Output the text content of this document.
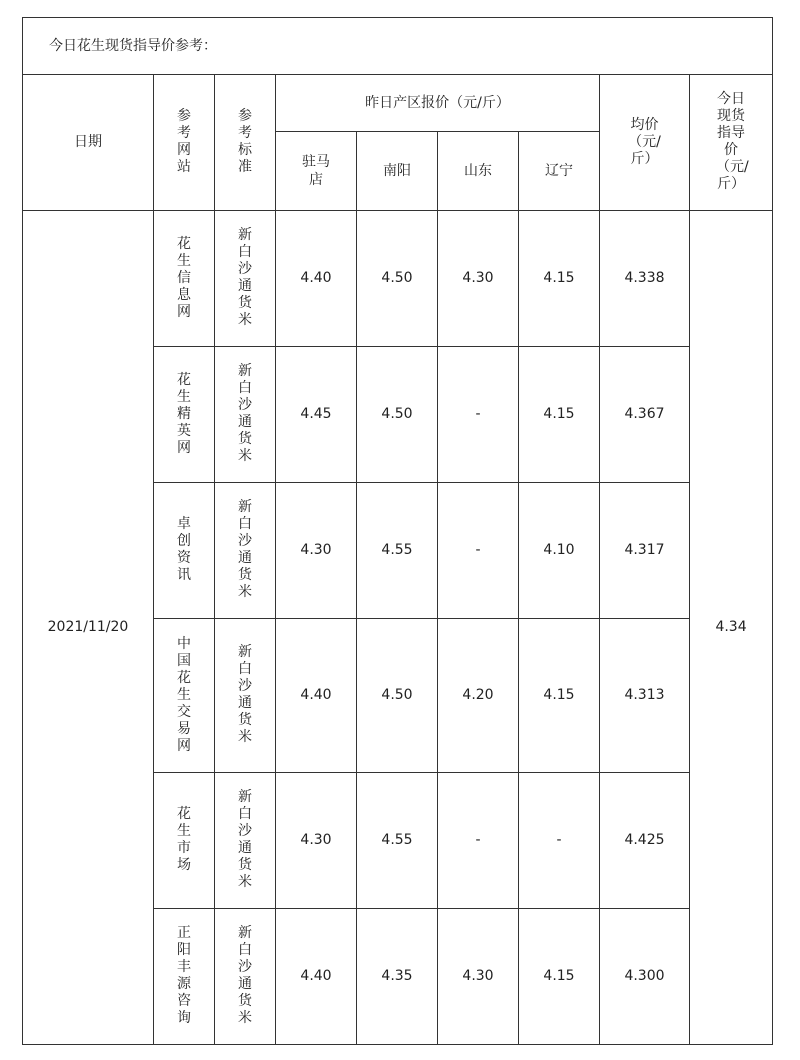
今日花生现货指导价参考：								
日期	参考网站	参考标准	昨日产区报价（元/斤）				均价（元/斤）	今日现货指导价（元/斤）
			驻马店	南阳	山东	辽宁		
2021/11/20	花生信息网	新白沙通货米	4.40	4.50	4.30	4.15	4.338	4.34
	花生精英网	新白沙通货米	4.45	4.50	-	4.15	4.367	
	卓创资讯	新白沙通货米	4.30	4.55	-	4.10	4.317	
	中国花生交易网	新白沙通货米	4.40	4.50	4.20	4.15	4.313	
	花生市场	新白沙通货米	4.30	4.55	-	-	4.425	
	正阳丰源咨询	新白沙通货米	4.40	4.35	4.30	4.15	4.300	
